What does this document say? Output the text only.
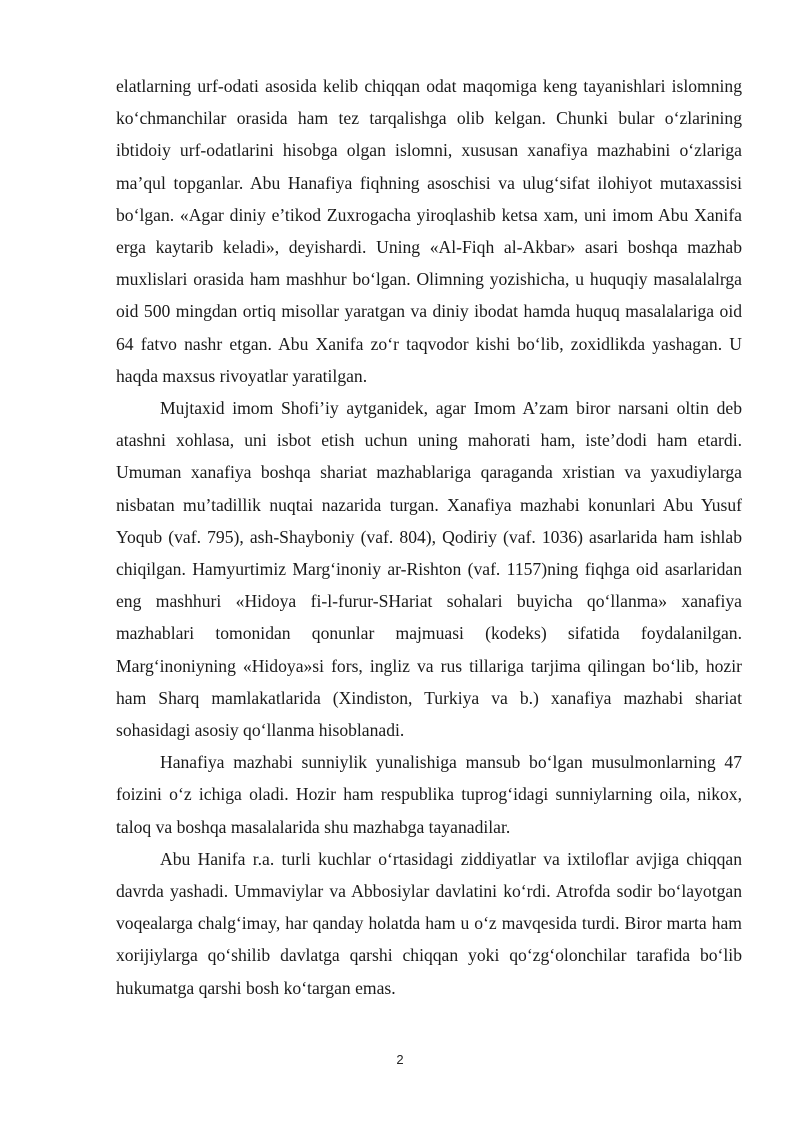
elatlarning urf-odati asosida kelib chiqqan odat maqomiga keng tayanishlari islomning ko‘chmanchilar orasida ham tez tarqalishga olib kelgan. Chunki bular o‘zlarining ibtidoiy urf-odatlarini hisobga olgan islomni, xususan xanafiya mazhabini o‘zlariga ma’qul topganlar. Abu Hanafiya fiqhning asoschisi va ulug‘sifat ilohiyot mutaxassisi bo‘lgan. «Agar diniy e’tikod Zuxrogacha yiroqlashib ketsa xam, uni imom Abu Xanifa erga kaytarib keladi», deyishardi. Uning «Al-Fiqh al-Akbar» asari boshqa mazhab muxlislari orasida ham mashhur bo‘lgan. Olimning yozishicha, u huquqiy masalalalrga oid 500 mingdan ortiq misollar yaratgan va diniy ibodat hamda huquq masalalariga oid 64 fatvo nashr etgan. Abu Xanifa zo‘r taqvodor kishi bo‘lib, zoxidlikda yashagan. U haqda maxsus rivoyatlar yaratilgan.

Mujtaxid imom Shofi’iy aytganidek, agar Imom A’zam biror narsani oltin deb atashni xohlasa, uni isbot etish uchun uning mahorati ham, iste’dodi ham etardi. Umuman xanafiya boshqa shariat mazhablariga qaraganda xristian va yaxudiylarga nisbatan mu’tadillik nuqtai nazarida turgan. Xanafiya mazhabi konunlari Abu Yusuf Yoqub (vaf. 795), ash-Shayboniy (vaf. 804), Qodiriy (vaf. 1036) asarlarida ham ishlab chiqilgan. Hamyurtimiz Marg‘inoniy ar-Rishton (vaf. 1157)ning fiqhga oid asarlaridan eng mashhuri «Hidoya fi-l-furur-SHariat sohalari buyicha qo‘llanma» xanafiya mazhablari tomonidan qonunlar majmuasi (kodeks) sifatida foydalanilgan. Marg‘inoniyning «Hidoya»si fors, ingliz va rus tillariga tarjima qilingan bo‘lib, hozir ham Sharq mamlakatlarida (Xindiston, Turkiya va b.) xanafiya mazhabi shariat sohasidagi asosiy qo‘llanma hisoblanadi.

Hanafiya mazhabi sunniylik yunalishiga mansub bo‘lgan musulmonlarning 47 foizini o‘z ichiga oladi. Hozir ham respublika tuprog‘idagi sunniylarning oila, nikox, taloq va boshqa masalalarida shu mazhabga tayanadilar.

Abu Hanifa r.a. turli kuchlar o‘rtasidagi ziddiyatlar va ixtiloflar avjiga chiqqan davrda yashadi. Ummaviylar va Abbosiylar davlatini ko‘rdi. Atrofda sodir bo‘layotgan voqealarga chalg‘imay, har qanday holatda ham u o‘z mavqesida turdi. Biror marta ham xorijiylarga qo‘shilib davlatga qarshi chiqqan yoki qo‘zg‘olonchilar tarafida bo‘lib hukumatga qarshi bosh ko‘targan emas.

2
